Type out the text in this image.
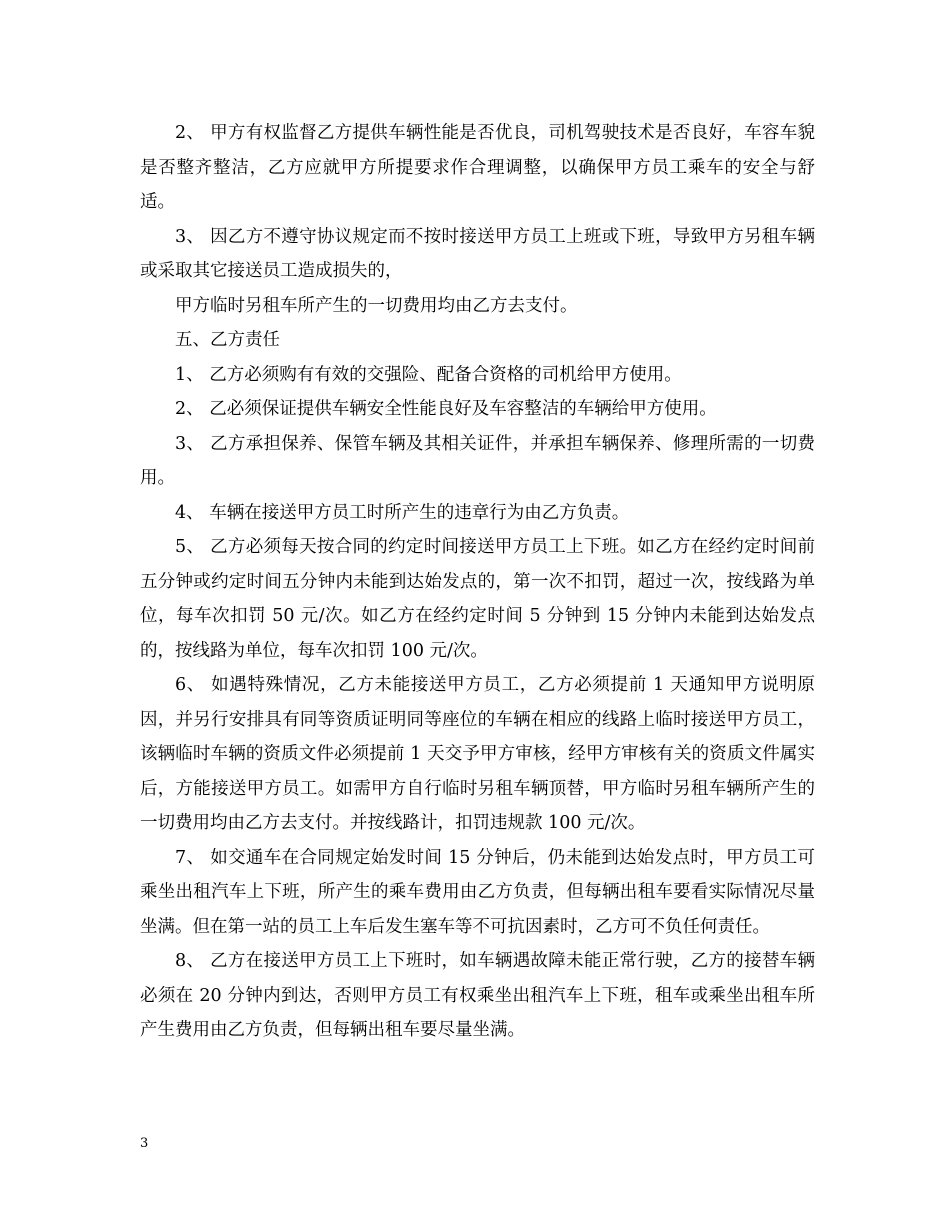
2、 甲方有权监督乙方提供车辆性能是否优良，司机驾驶技术是否良好，车容车貌是否整齐整洁，乙方应就甲方所提要求作合理调整，以确保甲方员工乘车的安全与舒适。

3、 因乙方不遵守协议规定而不按时接送甲方员工上班或下班，导致甲方另租车辆或采取其它接送员工造成损失的，

甲方临时另租车所产生的一切费用均由乙方去支付。

五、乙方责任

1、 乙方必须购有有效的交强险、配备合资格的司机给甲方使用。

2、 乙必须保证提供车辆安全性能良好及车容整洁的车辆给甲方使用。

3、 乙方承担保养、保管车辆及其相关证件，并承担车辆保养、修理所需的一切费用。

4、 车辆在接送甲方员工时所产生的违章行为由乙方负责。

5、 乙方必须每天按合同的约定时间接送甲方员工上下班。如乙方在经约定时间前五分钟或约定时间五分钟内未能到达始发点的，第一次不扣罚，超过一次，按线路为单位，每车次扣罚 50 元/次。如乙方在经约定时间 5 分钟到 15 分钟内未能到达始发点的，按线路为单位，每车次扣罚 100 元/次。

6、 如遇特殊情况，乙方未能接送甲方员工，乙方必须提前 1 天通知甲方说明原因，并另行安排具有同等资质证明同等座位的车辆在相应的线路上临时接送甲方员工，该辆临时车辆的资质文件必须提前 1 天交予甲方审核，经甲方审核有关的资质文件属实后，方能接送甲方员工。如需甲方自行临时另租车辆顶替，甲方临时另租车辆所产生的一切费用均由乙方去支付。并按线路计，扣罚违规款 100 元/次。

7、 如交通车在合同规定始发时间 15 分钟后，仍未能到达始发点时，甲方员工可乘坐出租汽车上下班，所产生的乘车费用由乙方负责，但每辆出租车要看实际情况尽量坐满。但在第一站的员工上车后发生塞车等不可抗因素时，乙方可不负任何责任。

8、 乙方在接送甲方员工上下班时，如车辆遇故障未能正常行驶，乙方的接替车辆必须在 20 分钟内到达，否则甲方员工有权乘坐出租汽车上下班，租车或乘坐出租车所产生费用由乙方负责，但每辆出租车要尽量坐满。

3
